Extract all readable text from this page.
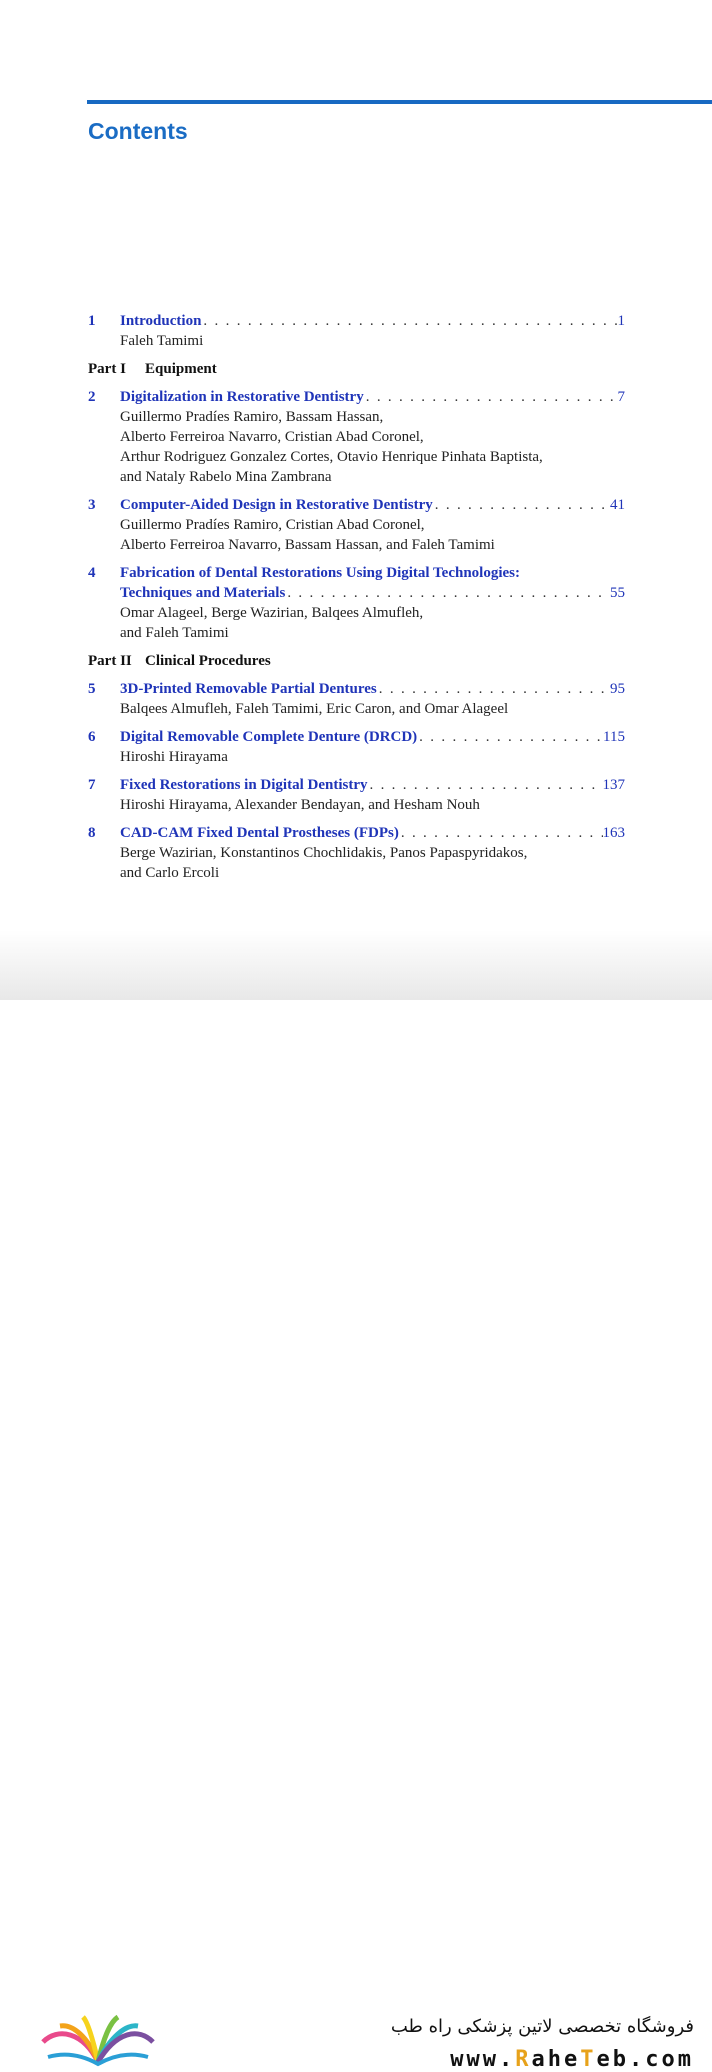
Contents
1	Introduction . . .	1
Faleh Tamimi
Part I Equipment
2	Digitalization in Restorative Dentistry . . .	7
Guillermo Pradíes Ramiro, Bassam Hassan,
Alberto Ferreiroa Navarro, Cristian Abad Coronel,
Arthur Rodriguez Gonzalez Cortes, Otavio Henrique Pinhata Baptista,
and Nataly Rabelo Mina Zambrana
3	Computer-Aided Design in Restorative Dentistry . . .	41
Guillermo Pradíes Ramiro, Cristian Abad Coronel,
Alberto Ferreiroa Navarro, Bassam Hassan, and Faleh Tamimi
4	Fabrication of Dental Restorations Using Digital Technologies:
Techniques and Materials . . .	55
Omar Alageel, Berge Wazirian, Balqees Almufleh,
and Faleh Tamimi
Part II Clinical Procedures
5	3D-Printed Removable Partial Dentures . . .	95
Balqees Almufleh, Faleh Tamimi, Eric Caron, and Omar Alageel
6	Digital Removable Complete Denture (DRCD) . . .	115
Hiroshi Hirayama
7	Fixed Restorations in Digital Dentistry . . .	137
Hiroshi Hirayama, Alexander Bendayan, and Hesham Nouh
8	CAD-CAM Fixed Dental Prostheses (FDPs) . . .	163
Berge Wazirian, Konstantinos Chochlidakis, Panos Papaspyridakos,
and Carlo Ercoli
فروشگاه تخصصی لاتین پزشکی راه طب
www.RaheTeb.com
